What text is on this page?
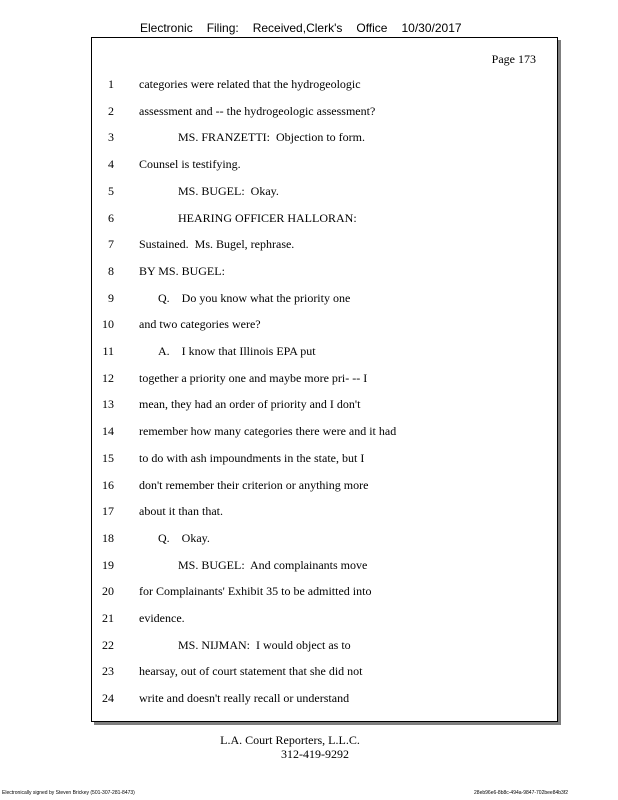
Electronic Filing: Received,Clerk's Office 10/30/2017
Page 173
1 categories were related that the hydrogeologic
2 assessment and -- the hydrogeologic assessment?
3	MS. FRANZETTI:  Objection to form.
4 Counsel is testifying.
5	MS. BUGEL:  Okay.
6	HEARING OFFICER HALLORAN:
7 Sustained.  Ms. Bugel, rephrase.
8 BY MS. BUGEL:
9	Q.    Do you know what the priority one
10 and two categories were?
11	A.    I know that Illinois EPA put
12 together a priority one and maybe more pri- -- I
13 mean, they had an order of priority and I don't
14 remember how many categories there were and it had
15 to do with ash impoundments in the state, but I
16 don't remember their criterion or anything more
17 about it than that.
18	Q.    Okay.
19	MS. BUGEL:  And complainants move
20 for Complainants' Exhibit 35 to be admitted into
21 evidence.
22	MS. NIJMAN:  I would object as to
23 hearsay, out of court statement that she did not
24 write and doesn't really recall or understand
L.A. Court Reporters, L.L.C.
312-419-9292
Electronically signed by Steven Brickey (501-307-281-8473)	28eb96e6-8b8c-494a-9847-702bee84b3f2
